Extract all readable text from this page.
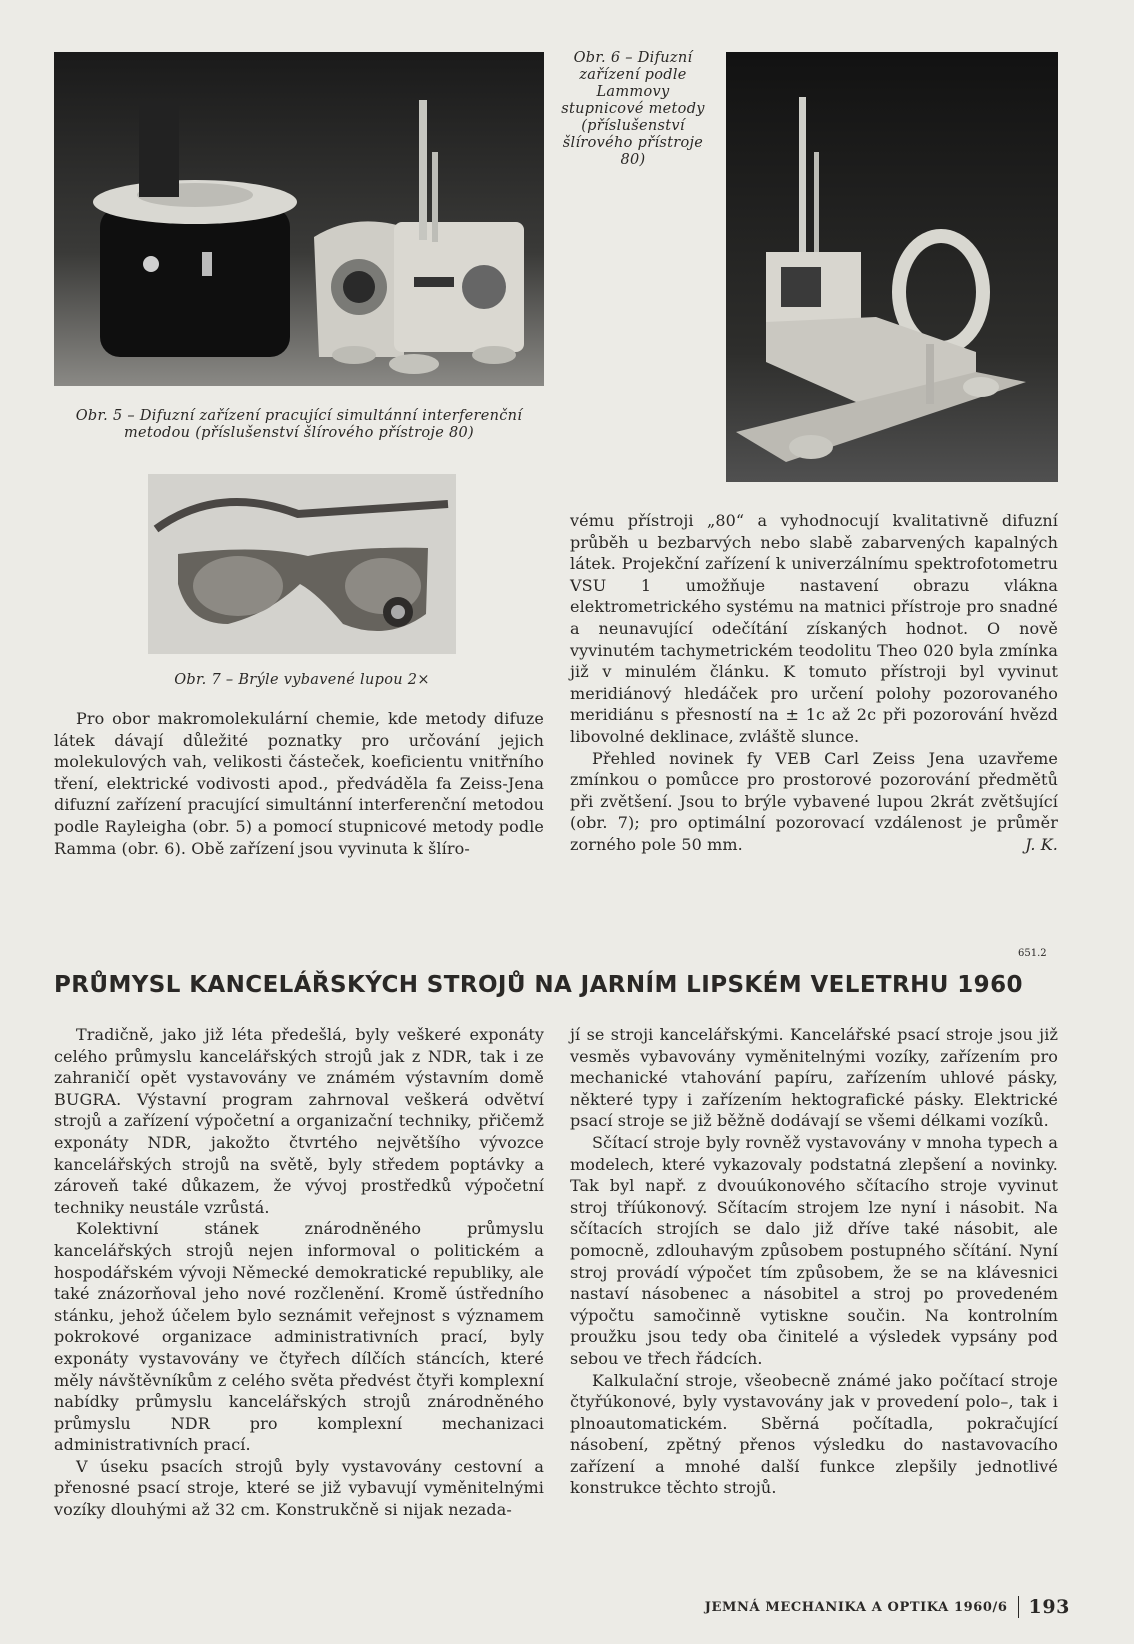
Obr. 6 – Difuzní zařízení podle Lammovy stupnicové metody (příslušenství šlírového přístroje 80)
Obr. 5 – Difuzní zařízení pracující simultánní interferenční metodou (příslušenství šlírového přístroje 80)
Obr. 7 – Brýle vybavené lupou 2×

Pro obor makromolekulární chemie, kde metody difuze látek dávají důležité poznatky pro určování jejich molekulových vah, velikosti částeček, koeficientu vnitřního tření, elektrické vodivosti apod., předváděla fa Zeiss-Jena difuzní zařízení pracující simultánní interferenční metodou podle Rayleigha (obr. 5) a pomocí stupnicové metody podle Ramma (obr. 6). Obě zařízení jsou vyvinuta k šlíro-

vému přístroji „80“ a vyhodnocují kvalitativně difuzní průběh u bezbarvých nebo slabě zabarvených kapalných látek. Projekční zařízení k univerzálnímu spektrofotometru VSU 1 umožňuje nastavení obrazu vlákna elektrometrického systému na matnici přístroje pro snadné a neunavující odečítání získaných hodnot. O nově vyvinutém tachymetrickém teodolitu Theo 020 byla zmínka již v minulém článku. K tomuto přístroji byl vyvinut meridiánový hledáček pro určení polohy pozorovaného meridiánu s přesností na ± 1c až 2c při pozorování hvězd libovolné deklinace, zvláště slunce.

Přehled novinek fy VEB Carl Zeiss Jena uzavřeme zmínkou o pomůcce pro prostorové pozorování předmětů při zvětšení. Jsou to brýle vybavené lupou 2krát zvětšující (obr. 7); pro optimální pozorovací vzdálenost je průměr zorného pole 50 mm.	J. K.

651.2
PRŮMYSL KANCELÁŘSKÝCH STROJŮ NA JARNÍM LIPSKÉM VELETRHU 1960

Tradičně, jako již léta předešlá, byly veškeré exponáty celého průmyslu kancelářských strojů jak z NDR, tak i ze zahraničí opět vystavovány ve známém výstavním domě BUGRA. Výstavní program zahrnoval veškerá odvětví strojů a zařízení výpočetní a organizační techniky, přičemž exponáty NDR, jakožto čtvrtého největšího vývozce kancelářských strojů na světě, byly středem poptávky a zároveň také důkazem, že vývoj prostředků výpočetní techniky neustále vzrůstá.

Kolektivní stánek znárodněného průmyslu kancelářských strojů nejen informoval o politickém a hospodářském vývoji Německé demokratické republiky, ale také znázorňoval jeho nové rozčlenění. Kromě ústředního stánku, jehož účelem bylo seznámit veřejnost s významem pokrokové organizace administrativních prací, byly exponáty vystavovány ve čtyřech dílčích stáncích, které měly návštěvníkům z celého světa předvést čtyři komplexní nabídky průmyslu kancelářských strojů znárodněného průmyslu NDR pro komplexní mechanizaci administrativních prací.

V úseku psacích strojů byly vystavovány cestovní a přenosné psací stroje, které se již vybavují vyměnitelnými vozíky dlouhými až 32 cm. Konstrukčně si nijak nezada-

jí se stroji kancelářskými. Kancelářské psací stroje jsou již vesměs vybavovány vyměnitelnými vozíky, zařízením pro mechanické vtahování papíru, zařízením uhlové pásky, některé typy i zařízením hektografické pásky. Elektrické psací stroje se již běžně dodávají se všemi délkami vozíků.

Sčítací stroje byly rovněž vystavovány v mnoha typech a modelech, které vykazovaly podstatná zlepšení a novinky. Tak byl např. z dvouúkonového sčítacího stroje vyvinut stroj tříúkonový. Sčítacím strojem lze nyní i násobit. Na sčítacích strojích se dalo již dříve také násobit, ale pomocně, zdlouhavým způsobem postupného sčítání. Nyní stroj provádí výpočet tím způsobem, že se na klávesnici nastaví násobenec a násobitel a stroj po provedeném výpočtu samočinně vytiskne součin. Na kontrolním proužku jsou tedy oba činitelé a výsledek vypsány pod sebou ve třech řádcích.

Kalkulační stroje, všeobecně známé jako počítací stroje čtyřúkonové, byly vystavovány jak v provedení polo–, tak i plnoautomatickém. Sběrná počítadla, pokračující násobení, zpětný přenos výsledku do nastavovacího zařízení a mnohé další funkce zlepšily jednotlivé konstrukce těchto strojů.

JEMNÁ MECHANIKA A OPTIKA 1960/6 193
